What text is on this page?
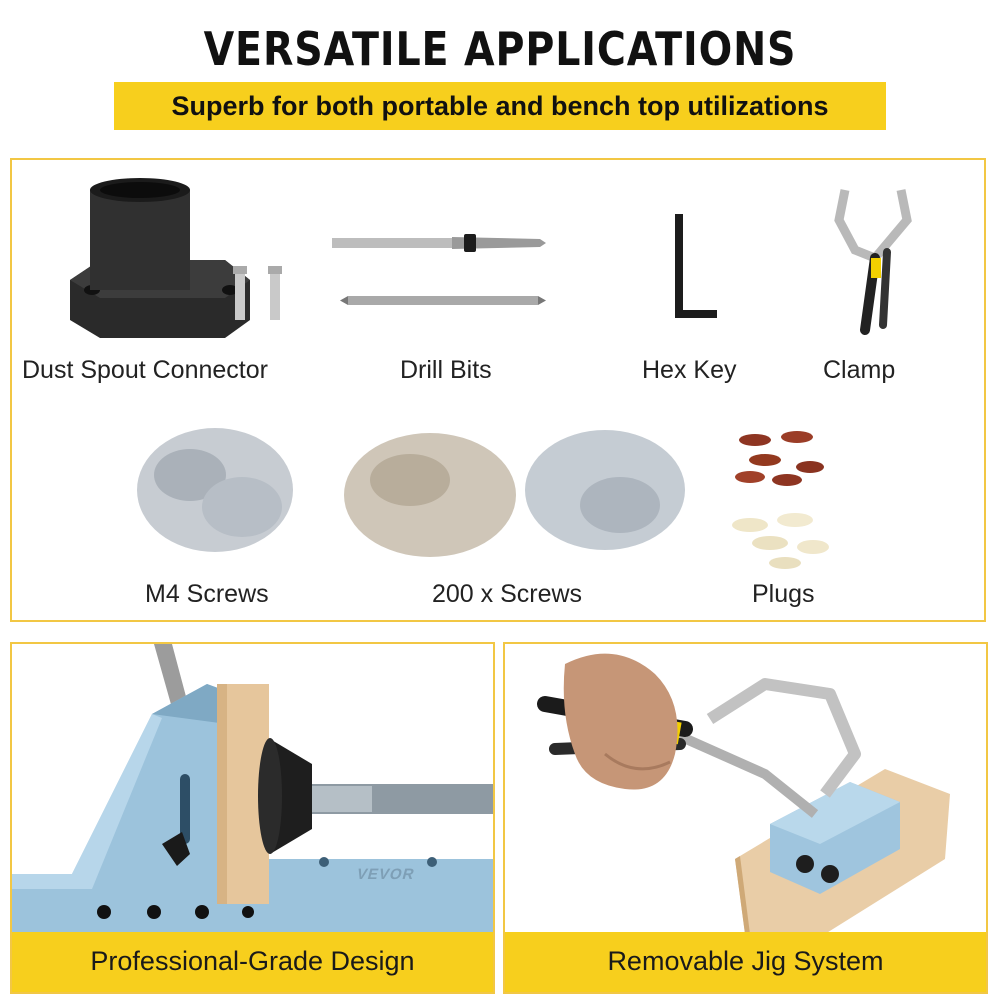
VERSATILE APPLICATIONS
Superb for both portable and bench top utilizations
Dust Spout Connector	Drill Bits	Hex Key	Clamp
M4 Screws	200 x Screws	Plugs
VEVOR
Professional-Grade Design	Removable Jig System
